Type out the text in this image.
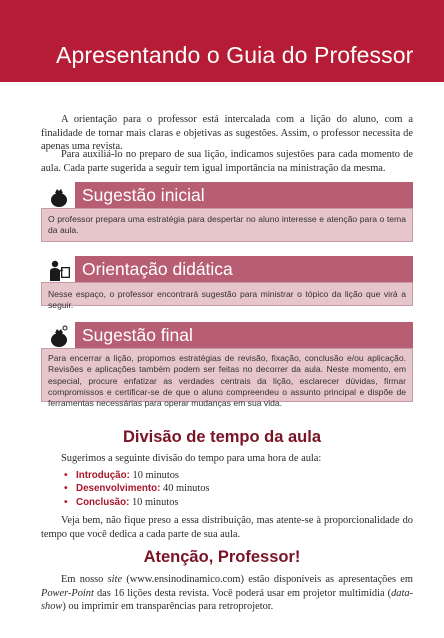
Apresentando o Guia do Professor

A orientação para o professor está intercalada com a lição do aluno, com a finalidade de tornar mais claras e objetivas as sugestões. Assim, o professor necessita de apenas uma revista.

Para auxiliá-lo no preparo de sua lição, indicamos sujestões para cada momento de aula. Cada parte sugerida a seguir tem igual importância na ministração da mesma.

Sugestão inicial
O professor prepara uma estratégia para despertar no aluno interesse e atenção para o tema da aula.
Orientação didática
Nesse espaço, o professor encontrará sugestão para ministrar o tópico da lição que virá a seguir.
Sugestão final
Para encerrar a lição, propomos estratégias de revisão, fixação, conclusão e/ou aplicação. Revisões e aplicações também podem ser feitas no decorrer da aula. Neste momento, em especial, procure enfatizar as verdades centrais da lição, esclarecer dúvidas, firmar compromissos e certificar-se de que o aluno compreendeu o assunto principal e dispõe de ferramentas necessárias para operar mudanças em sua vida.
Divisão de tempo da aula

Sugerimos a seguinte divisão do tempo para uma hora de aula:

• Introdução: 10 minutos
• Desenvolvimento: 40 minutos
• Conclusão: 10 minutos

Veja bem, não fique preso a essa distribuição, mas atente-se à proporcionalidade do tempo que você dedica a cada parte de sua aula.

Atenção, Professor!

Em nosso site (www.ensinodinamico.com) estão disponíveis as apresentações em Power-Point das 16 lições desta revista. Você poderá usar em projetor multimídia (data-show) ou imprimir em transparências para retroprojetor.
